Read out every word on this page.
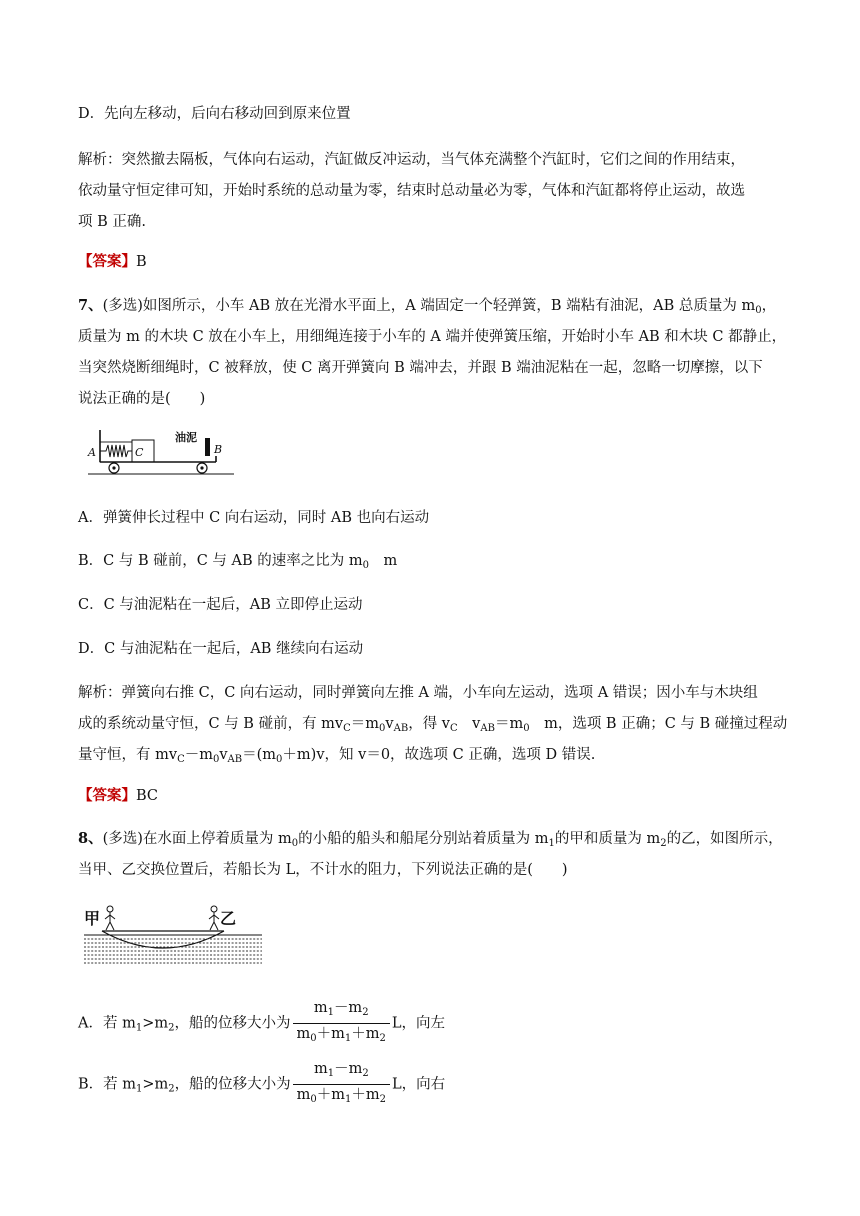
D．先向左移动，后向右移动回到原来位置
解析：突然撤去隔板，气体向右运动，汽缸做反冲运动，当气体充满整个汽缸时，它们之间的作用结束，
依动量守恒定律可知，开始时系统的总动量为零，结束时总动量必为零，气体和汽缸都将停止运动，故选
项 B 正确.
【答案】B
7、(多选)如图所示，小车 AB 放在光滑水平面上，A 端固定一个轻弹簧，B 端粘有油泥，AB 总质量为 $m_0$，
质量为 m 的木块 C 放在小车上，用细绳连接于小车的 A 端并使弹簧压缩，开始时小车 AB 和木块 C 都静止，
当突然烧断细绳时，C 被释放，使 C 离开弹簧向 B 端冲去，并跟 B 端油泥粘在一起，忽略一切摩擦，以下
说法正确的是(　　)
A	C	B
油泥
A．弹簧伸长过程中 C 向右运动，同时 AB 也向右运动
B．C 与 B 碰前，C 与 AB 的速率之比为 $m_0$　m
C．C 与油泥粘在一起后，AB 立即停止运动
D．C 与油泥粘在一起后，AB 继续向右运动
解析：弹簧向右推 C，C 向右运动，同时弹簧向左推 A 端，小车向左运动，选项 A 错误；因小车与木块组
成的系统动量守恒，C 与 B 碰前，有 $mv_C=m_0v_{AB}$，得 $v_C$　$v_{AB}=m_0$　m，选项 B 正确；C 与 B 碰撞过程动
量守恒，有 $mv_C-m_0v_{AB}=(m_0+m)v$，知 v＝0，故选项 C 正确，选项 D 错误.
【答案】BC
8、(多选)在水面上停着质量为 $m_0$的小船的船头和船尾分别站着质量为 $m_1$的甲和质量为 $m_2$的乙，如图所示，
当甲、乙交换位置后，若船长为 L，不计水的阻力，下列说法正确的是(　　)
甲	乙
A．若 $m_1>m_2$，船的位移大小为 $\frac{m_1-m_2}{m_0+m_1+m_2}$ L，向左
B．若 $m_1>m_2$，船的位移大小为 $\frac{m_1-m_2}{m_0+m_1+m_2}$ L，向右
